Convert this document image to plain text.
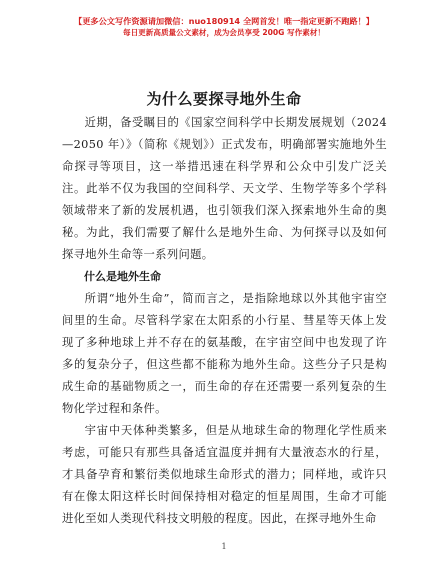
【更多公文写作资源请加微信：nuo180914 全网首发！唯一指定更新不跑路！】
每日更新高质量公文素材，成为会员享受 200G 写作素材！
为什么要探寻地外生命

近期，备受瞩目的《国家空间科学中长期发展规划（2024—2050 年）》（简称《规划》）正式发布，明确部署实施地外生命探寻等项目，这一举措迅速在科学界和公众中引发广泛关注。此举不仅为我国的空间科学、天文学、生物学等多个学科领域带来了新的发展机遇，也引领我们深入探索地外生命的奥秘。为此，我们需要了解什么是地外生命、为何探寻以及如何探寻地外生命等一系列问题。

什么是地外生命

所谓“地外生命”，简而言之，是指除地球以外其他宇宙空间里的生命。尽管科学家在太阳系的小行星、彗星等天体上发现了多种地球上并不存在的氨基酸，在宇宙空间中也发现了许多的复杂分子，但这些都不能称为地外生命。这些分子只是构成生命的基础物质之一，而生命的存在还需要一系列复杂的生物化学过程和条件。

宇宙中天体种类繁多，但是从地球生命的物理化学性质来考虑，可能只有那些具备适宜温度并拥有大量液态水的行星，才具备孕育和繁衍类似地球生命形式的潜力；同样地，或许只有在像太阳这样长时间保持相对稳定的恒星周围，生命才可能进化至如人类现代科技文明般的程度。因此，在探寻地外生命

1
